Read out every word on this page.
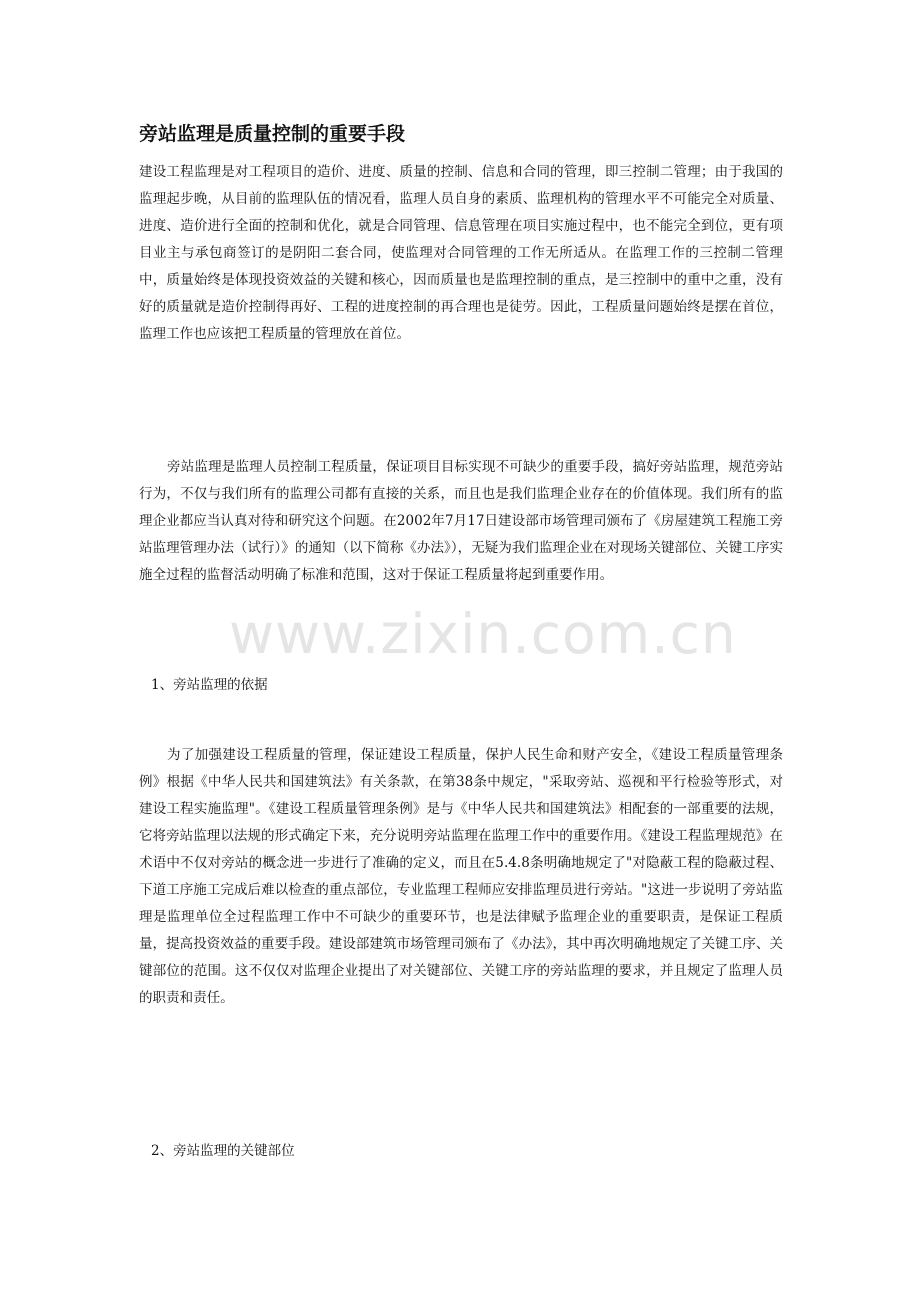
旁站监理是质量控制的重要手段

建设工程监理是对工程项目的造价、进度、质量的控制、信息和合同的管理，即三控制二管理；由于我国的监理起步晚，从目前的监理队伍的情况看，监理人员自身的素质、监理机构的管理水平不可能完全对质量、进度、造价进行全面的控制和优化，就是合同管理、信息管理在项目实施过程中，也不能完全到位，更有项目业主与承包商签订的是阴阳二套合同，使监理对合同管理的工作无所适从。在监理工作的三控制二管理中，质量始终是体现投资效益的关键和核心，因而质量也是监理控制的重点，是三控制中的重中之重，没有好的质量就是造价控制得再好、工程的进度控制的再合理也是徒劳。因此，工程质量问题始终是摆在首位，监理工作也应该把工程质量的管理放在首位。

旁站监理是监理人员控制工程质量，保证项目目标实现不可缺少的重要手段，搞好旁站监理，规范旁站行为，不仅与我们所有的监理公司都有直接的关系，而且也是我们监理企业存在的价值体现。我们所有的监理企业都应当认真对待和研究这个问题。在2002年7月17日建设部市场管理司颁布了《房屋建筑工程施工旁站监理管理办法（试行）》的通知（以下简称《办法》），无疑为我们监理企业在对现场关键部位、关键工序实施全过程的监督活动明确了标准和范围，这对于保证工程质量将起到重要作用。

1、旁站监理的依据

为了加强建设工程质量的管理，保证建设工程质量，保护人民生命和财产安全，《建设工程质量管理条例》根据《中华人民共和国建筑法》有关条款，在第38条中规定，"采取旁站、巡视和平行检验等形式，对建设工程实施监理"。《建设工程质量管理条例》是与《中华人民共和国建筑法》相配套的一部重要的法规，它将旁站监理以法规的形式确定下来，充分说明旁站监理在监理工作中的重要作用。《建设工程监理规范》在术语中不仅对旁站的概念进一步进行了准确的定义，而且在5.4.8条明确地规定了"对隐蔽工程的隐蔽过程、下道工序施工完成后难以检查的重点部位，专业监理工程师应安排监理员进行旁站。"这进一步说明了旁站监理是监理单位全过程监理工作中不可缺少的重要环节，也是法律赋予监理企业的重要职责，是保证工程质量，提高投资效益的重要手段。建设部建筑市场管理司颁布了《办法》，其中再次明确地规定了关键工序、关键部位的范围。这不仅仅对监理企业提出了对关键部位、关键工序的旁站监理的要求，并且规定了监理人员的职责和责任。

2、旁站监理的关键部位
www.zixin.com.cn
